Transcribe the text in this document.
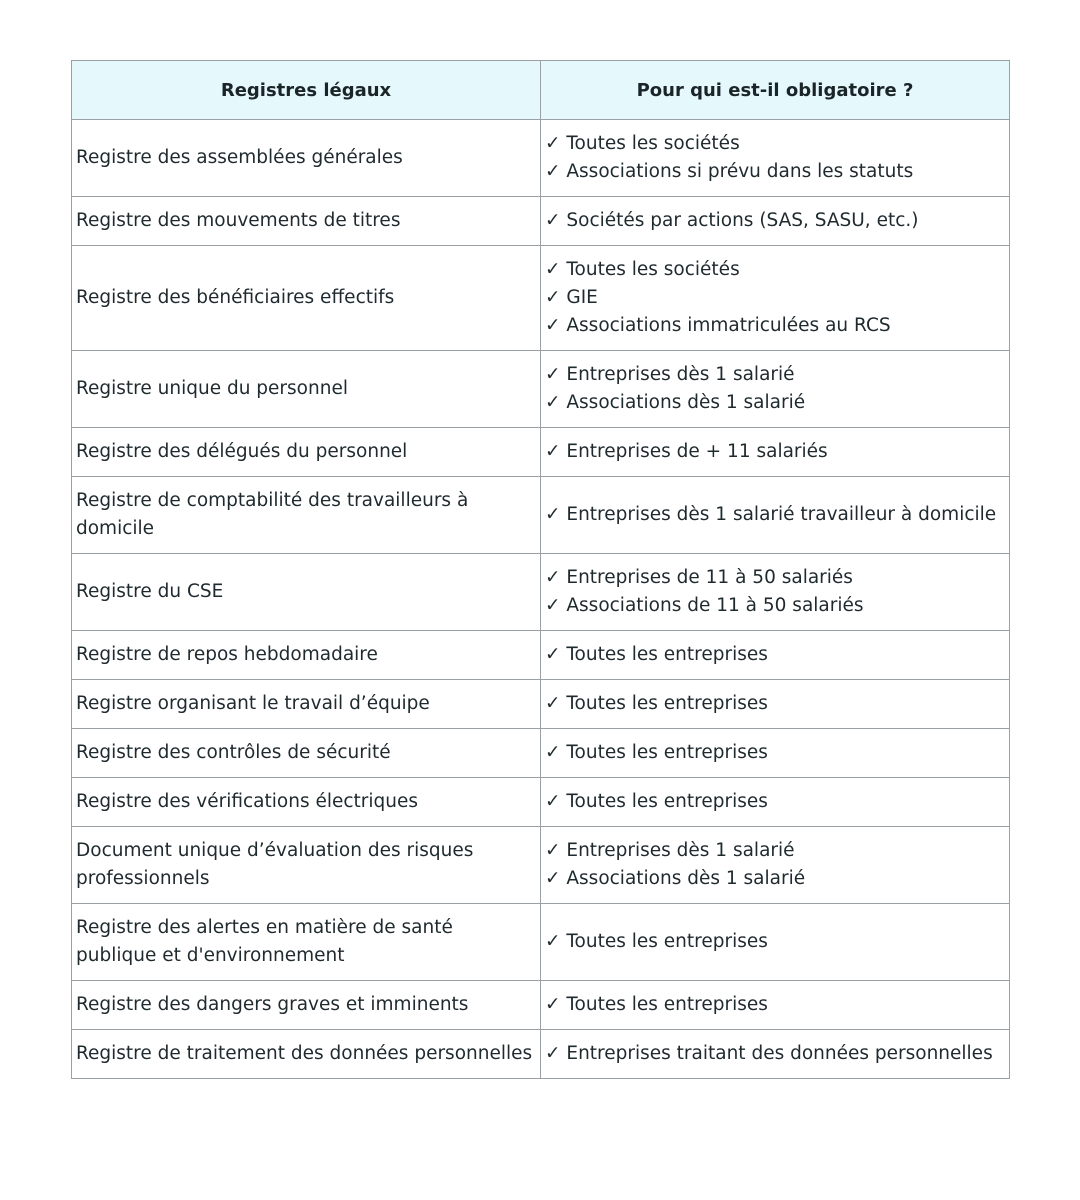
Registres légaux	Pour qui est-il obligatoire ?
Registre des assemblées générales	✓ Toutes les sociétés
✓ Associations si prévu dans les statuts

Registre des mouvements de titres	✓ Sociétés par actions (SAS, SASU, etc.)

Registre des bénéficiaires effectifs	✓ Toutes les sociétés
✓ GIE
✓ Associations immatriculées au RCS

Registre unique du personnel	✓ Entreprises dès 1 salarié
✓ Associations dès 1 salarié

Registre des délégués du personnel	✓ Entreprises de + 11 salariés

Registre de comptabilité des travailleurs à domicile	✓ Entreprises dès 1 salarié travailleur à domicile

Registre du CSE	✓ Entreprises de 11 à 50 salariés
✓ Associations de 11 à 50 salariés

Registre de repos hebdomadaire	✓ Toutes les entreprises

Registre organisant le travail d’équipe	✓ Toutes les entreprises

Registre des contrôles de sécurité	✓ Toutes les entreprises

Registre des vérifications électriques	✓ Toutes les entreprises

Document unique d’évaluation des risques professionnels	✓ Entreprises dès 1 salarié
✓ Associations dès 1 salarié

Registre des alertes en matière de santé publique et d'environnement	✓ Toutes les entreprises

Registre des dangers graves et imminents	✓ Toutes les entreprises

Registre de traitement des données personnelles	✓ Entreprises traitant des données personnelles
